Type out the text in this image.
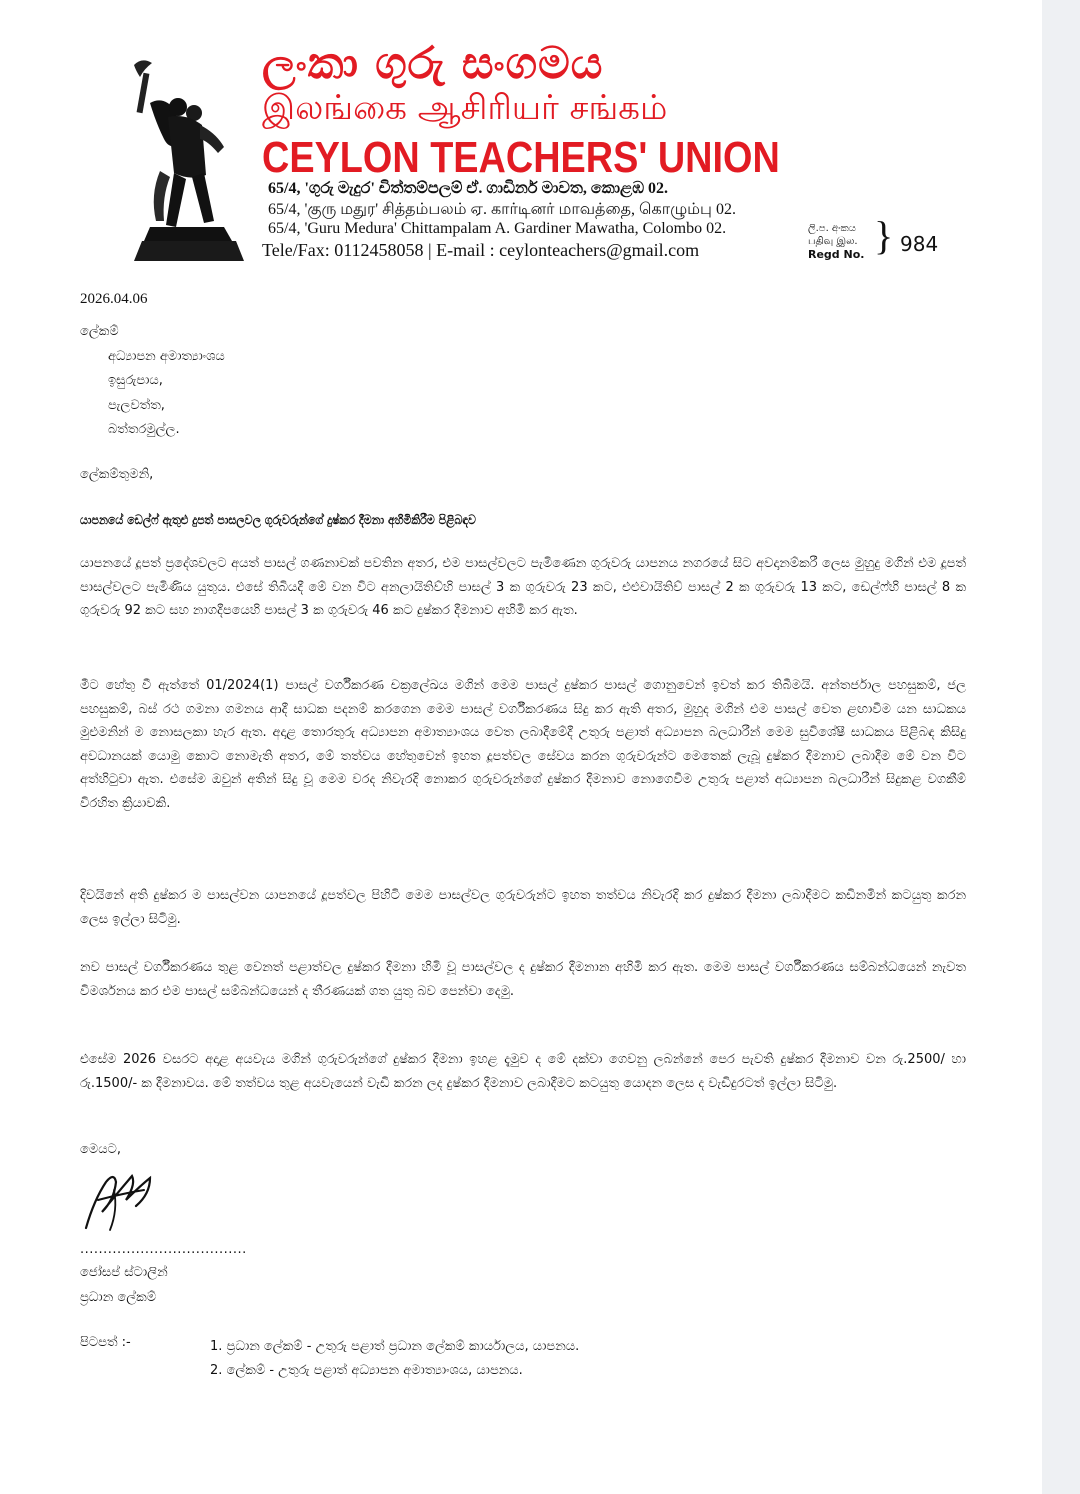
ලංකා ගුරු සංගමය
இலங்கை ஆசிரியர் சங்கம்
CEYLON TEACHERS' UNION
65/4, 'ගුරු මැදුර' චිත්තම්පලම් ඒ. ගාඩිනර් මාවත, කොළඹ 02.
65/4, 'குரு மதுர' சித்தம்பலம் ஏ. கார்டினர் மாவத்தை, கொழும்பு 02.
65/4, 'Guru Medura' Chittampalam A. Gardiner Mawatha, Colombo 02.
Tele/Fax: 0112458058 | E-mail : ceylonteachers@gmail.com
ලි.ප. අංකය
பதிவு இல.
Regd No. } 984
2026.04.06
ලේකම්
අධ්‍යාපන අමාත්‍යාංශය
ඉසුරුපාය,
පැලවත්ත,
බත්තරමුල්ල.
ලේකම්තුමනි,
යාපනයේ ඩෙල්ෆ් ඇතුළු දුපත් පාසලවල ගුරුවරුන්ගේ දුෂ්කර දීමනා අහිමිකිරීම පිළිබඳව

යාපනයේ දූපත් ප්‍රදේශවලට අයත් පාසල් ගණනාවක් පවතින අතර, එම පාසල්වලට පැමිණෙන ගුරුවරු යාපනය නගරයේ සිට අවදානම්කරී ලෙස මුහුදු මගින් එම දූපත් පාසල්වලට පැමිණිය යුතුය. එසේ තිබියදී මේ වන විට අනලායිතිව්හි පාසල් 3 ක ගුරුවරු 23 කට, එළුවායිතිව් පාසල් 2 ක ගුරුවරු 13 කට, ඩෙල්ෆ්හි පාසල් 8 ක ගුරුවරු 92 කට සහ නාගදීපයෙහි පාසල් 3 ක ගුරුවරු 46 කට දුෂ්කර දීමනාව අහිමි කර ඇත.

මීට හේතු වී ඇත්තේ 01/2024(1) පාසල් වර්ගීකරණ චක්‍රලේඛය මගින් මෙම පාසල් දුෂ්කර පාසල් ගොනුවෙන් ඉවත් කර තිබීමයි. අන්තර්ජාල පහසුකම්, ජල පහසුකම්, බස් රථ ගමනා ගමනය ආදී සාධක පදනම් කරගෙන මෙම පාසල් වර්ගීකරණය සිදු කර ඇති අතර, මුහුද මගින් එම පාසල් වෙත ළඟාවීම යන සාධකය මුළුමනින් ම නොසලකා හැර ඇත. අදාළ තොරතුරු අධ්‍යාපන අමාත්‍යාංශය වෙත ලබාදීමේදී උතුරු පළාත් අධ්‍යාපන බලධාරීන් මෙම සුවිශේෂී සාධකය පිළිබඳ කිසිදු අවධානයක් යොමු කොට නොමැති අතර, මේ තත්වය හේතුවෙන් ඉහත දූපත්වල සේවය කරන ගුරුවරුන්ට මෙතෙක් ලැබූ දුෂ්කර දීමනාව ලබාදීම මේ වන විට අත්හිටුවා ඇත. එසේම ඔවුන් අතින් සිදු වූ මෙම වරද නිවැරදි නොකර ගුරුවරුන්ගේ දුෂ්කර දීමනාව නොගෙවීම උතුරු පළාත් අධ්‍යාපන බලධාරීන් සිදුකළ වගකීම් විරහිත ක්‍රියාවකි.

දිවයිනේ අති දුෂ්කර ම පාසල්වන යාපනයේ දූපත්වල පිහිටි මෙම පාසල්වල ගුරුවරුන්ට ඉහත තත්වය නිවැරදි කර දුෂ්කර දීමනා ලබාදීමට කඩිනමින් කටයුතු කරන ලෙස ඉල්ලා සිටිමු.

නව පාසල් වර්ගීකරණය තුළ වෙනත් පළාත්වල දුෂ්කර දීමනා හිමි වූ පාසල්වල ද දුෂ්කර දීමනාන අහිමි කර ඇත. මෙම පාසල් වර්ගීකරණය සම්බන්ධයෙන් නැවත විමර්ශනය කර එම පාසල් සම්බන්ධයෙන් ද තීරණයක් ගත යුතු බව පෙන්වා දෙමු.

එසේම 2026 වසරට අදාළ අයවැය මගින් ගුරුවරුන්ගේ දුෂ්කර දීමනා ඉහළ දැමුව ද මේ දක්වා ගෙවනු ලබන්නේ පෙර පැවති දුෂ්කර දීමනාව වන රු.2500/ හා රු.1500/- ක දීමනාවය. මේ තත්වය තුළ අයවැයෙන් වැඩි කරන ලද දුෂ්කර දීමනාව ලබාදීමට කටයුතු යොදන ලෙස ද වැඩිදුරටත් ඉල්ලා සිටිමු.

මෙයට,
....................................
ජෝසප් ස්ටාලින්
ප්‍රධාන ලේකම්
පිටපත් :-	1. ප්‍රධාන ලේකම් - උතුරු පළාත් ප්‍රධාන ලේකම් කාර්යාලය, යාපනය.
2. ලේකම් - උතුරු පළාත් අධ්‍යාපන අමාත්‍යාංශය, යාපනය.
